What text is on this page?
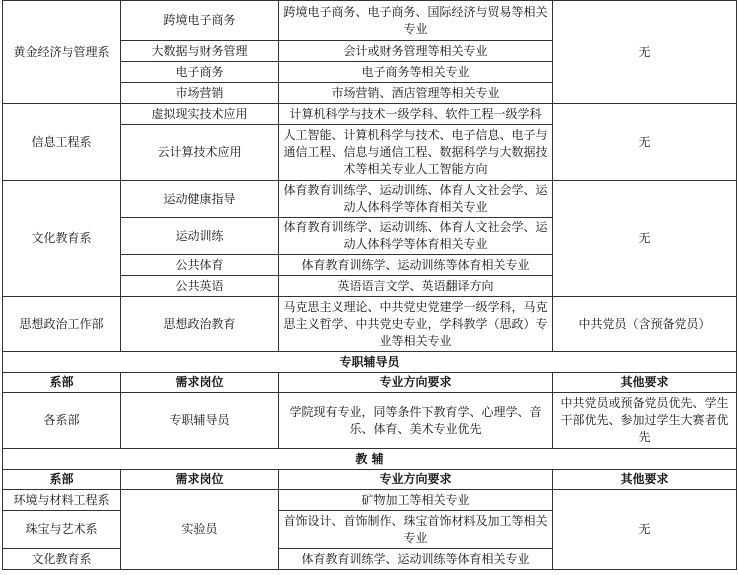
黄金经济与管理系	跨境电子商务	跨境电子商务、电子商务、国际经济与贸易等相关专业	无
	大数据与财务管理	会计或财务管理等相关专业	
	电子商务	电子商务等相关专业	
	市场营销	市场营销、酒店管理等相关专业	
信息工程系	虚拟现实技术应用	计算机科学与技术一级学科、软件工程一级学科	无
	云计算技术应用	人工智能、计算机科学与技术、电子信息、电子与通信工程、信息与通信工程、数据科学与大数据技术等相关专业人工智能方向	
文化教育系	运动健康指导	体育教育训练学、运动训练、体育人文社会学、运动人体科学等体育相关专业	无
	运动训练	体育教育训练学、运动训练、体育人文社会学、运动人体科学等体育相关专业	
	公共体育	体育教育训练学、运动训练等体育相关专业	
	公共英语	英语语言文学、英语翻译方向	
思想政治工作部	思想政治教育	马克思主义理论、中共党史党建学一级学科，马克思主义哲学、中共党史专业，学科教学（思政）专业等相关专业	中共党员（含预备党员）
专职辅导员			
系部	需求岗位	专业方向要求	其他要求
各系部	专职辅导员	学院现有专业，同等条件下教育学、心理学、音乐、体育、美术专业优先	中共党员或预备党员优先、学生干部优先、参加过学生大赛者优先
教 辅			
系部	需求岗位	专业方向要求	其他要求
环境与材料工程系	实验员	矿物加工等相关专业	无
珠宝与艺术系		首饰设计、首饰制作、珠宝首饰材料及加工等相关专业	
文化教育系		体育教育训练学、运动训练等体育相关专业	
